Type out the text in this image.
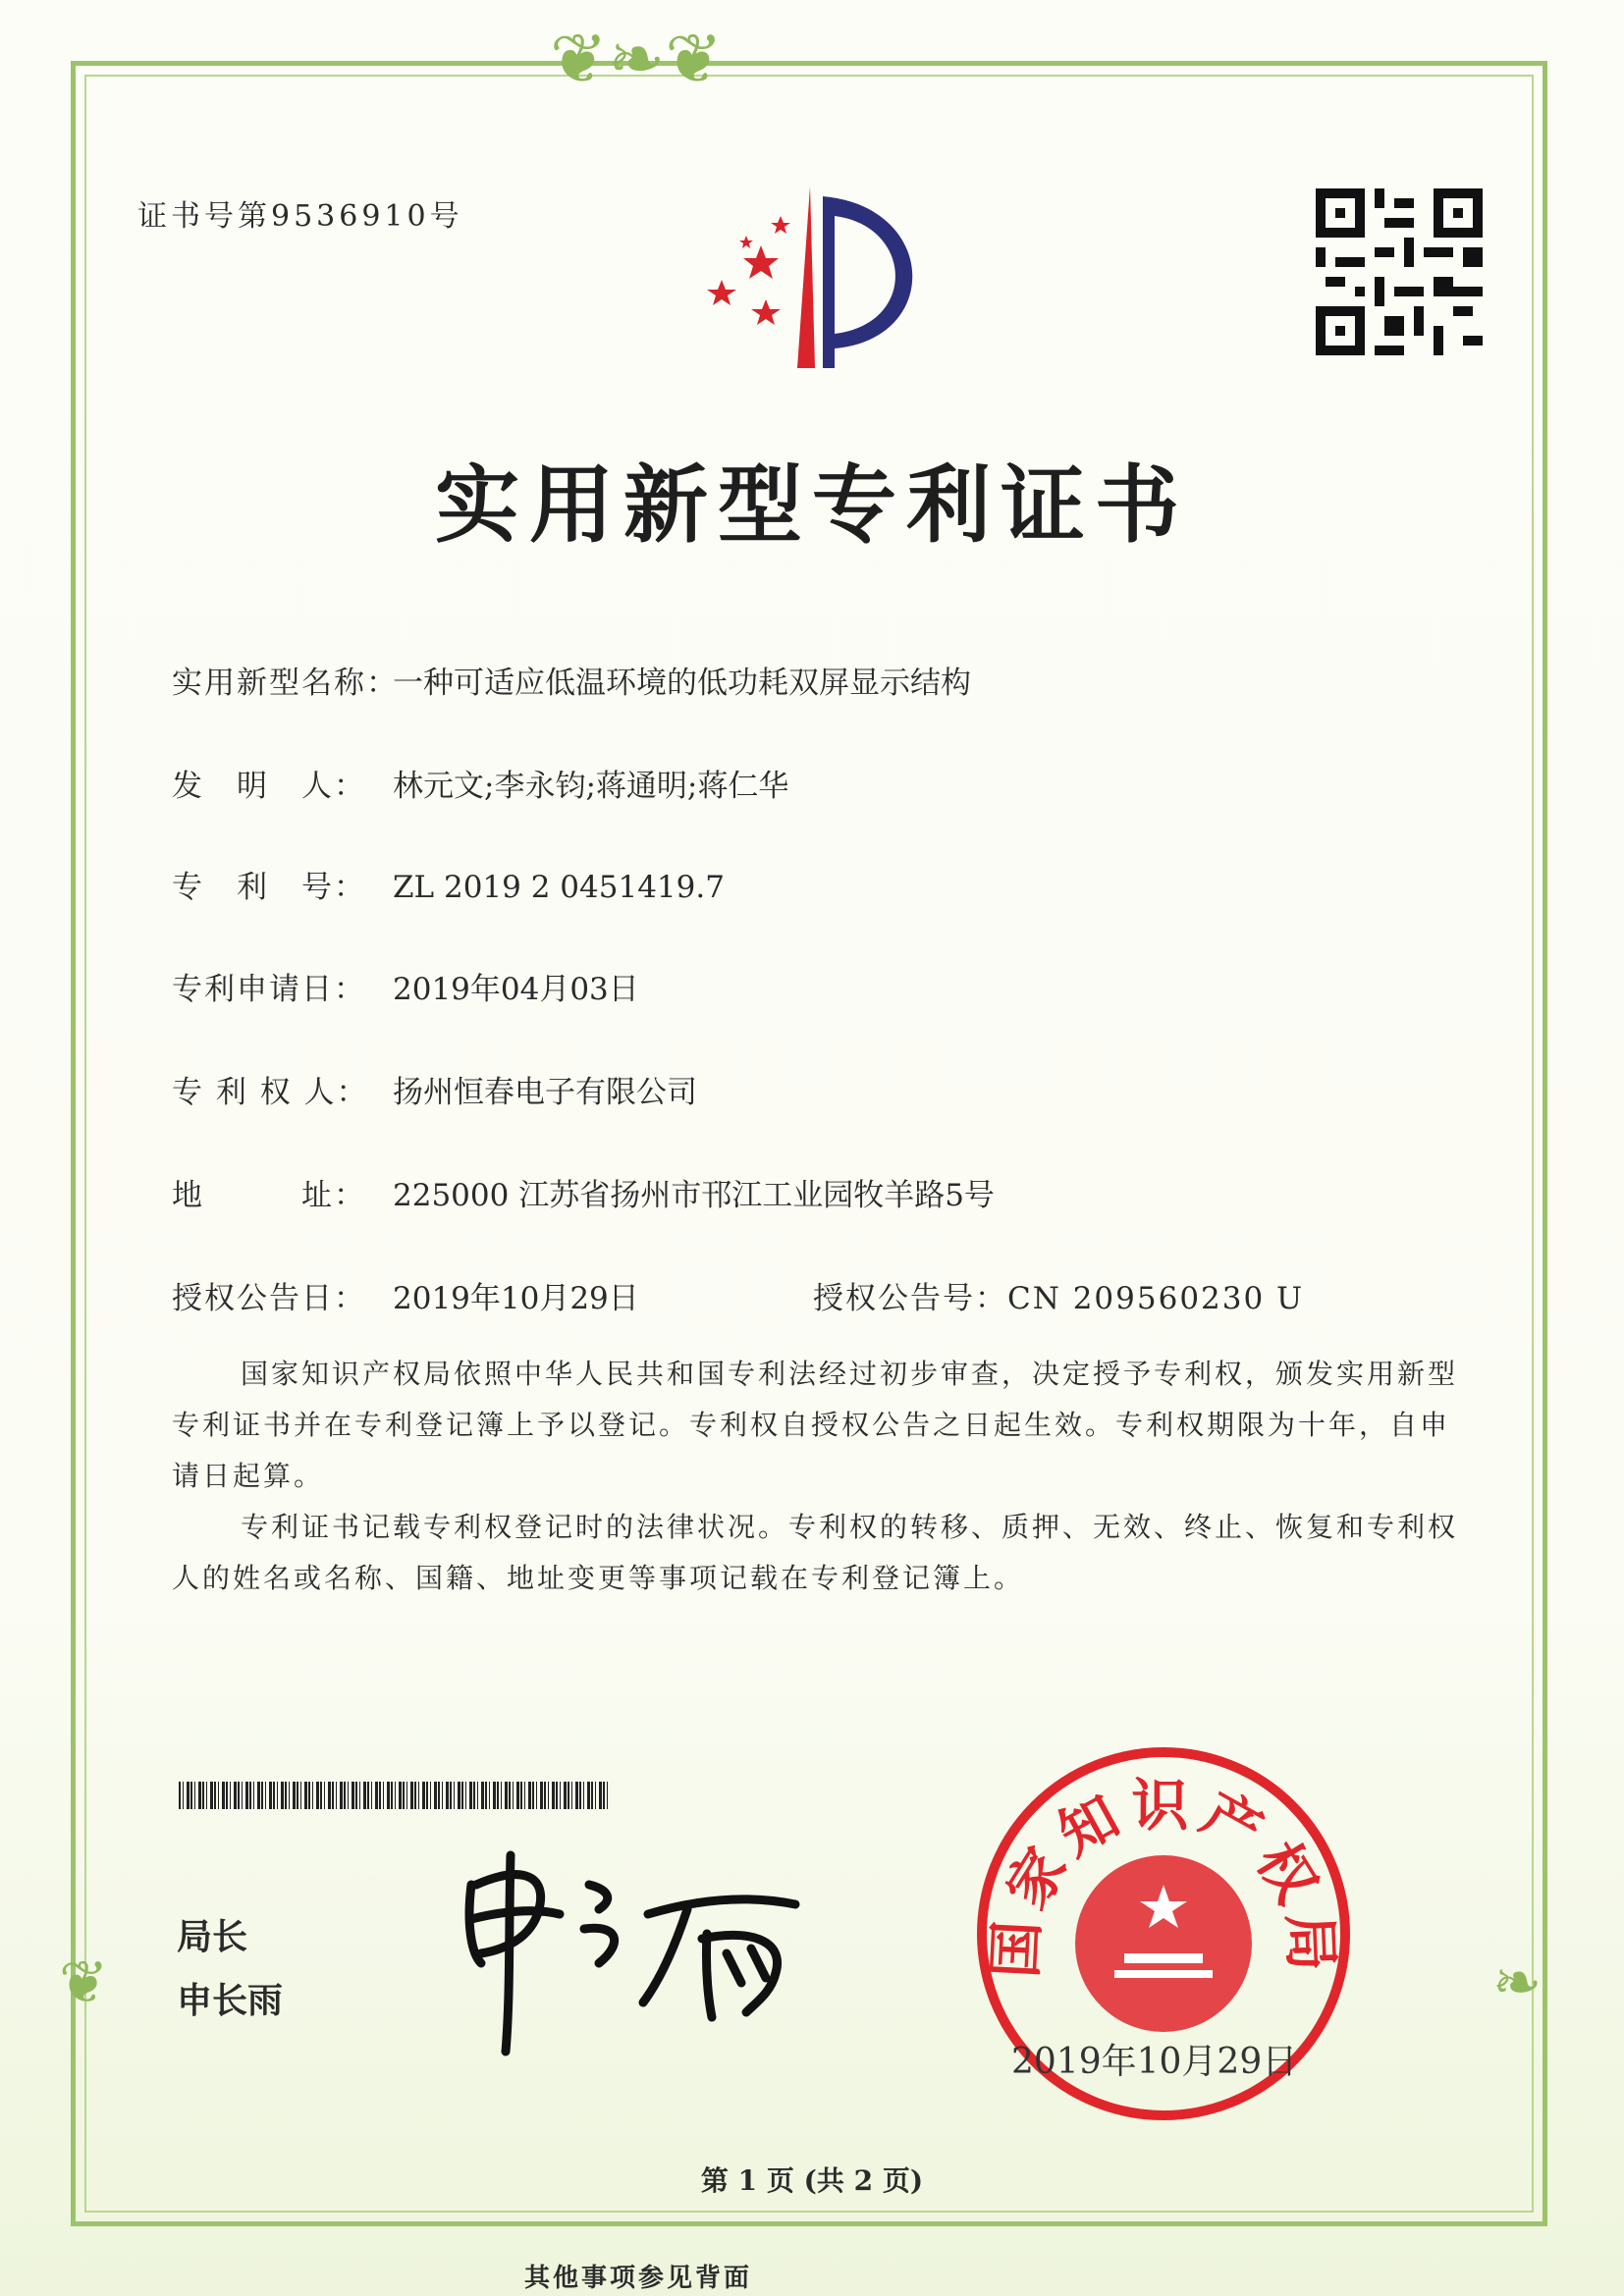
❦❧❦
❦	❧
证书号第9536910号
实用新型专利证书
实用新型名称：一种可适应低温环境的低功耗双屏显示结构
发　明　人： 林元文;李永钧;蒋通明;蒋仁华
专　利　号： ZL 2019 2 0451419.7
专利申请日： 2019年04月03日
专 利 权 人： 扬州恒春电子有限公司
地　　　址： 225000 江苏省扬州市邗江工业园牧羊路5号
授权公告日： 2019年10月29日	授权公告号：CN 209560230 U
国家知识产权局依照中华人民共和国专利法经过初步审查，决定授予专利权，颁发实用新型专利证书并在专利登记簿上予以登记。专利权自授权公告之日起生效。专利权期限为十年，自申请日起算。
专利证书记载专利权登记时的法律状况。专利权的转移、质押、无效、终止、恢复和专利权人的姓名或名称、国籍、地址变更等事项记载在专利登记簿上。
局长
申长雨
国家知识产权局
2019年10月29日
第 1 页 (共 2 页)
其他事项参见背面
